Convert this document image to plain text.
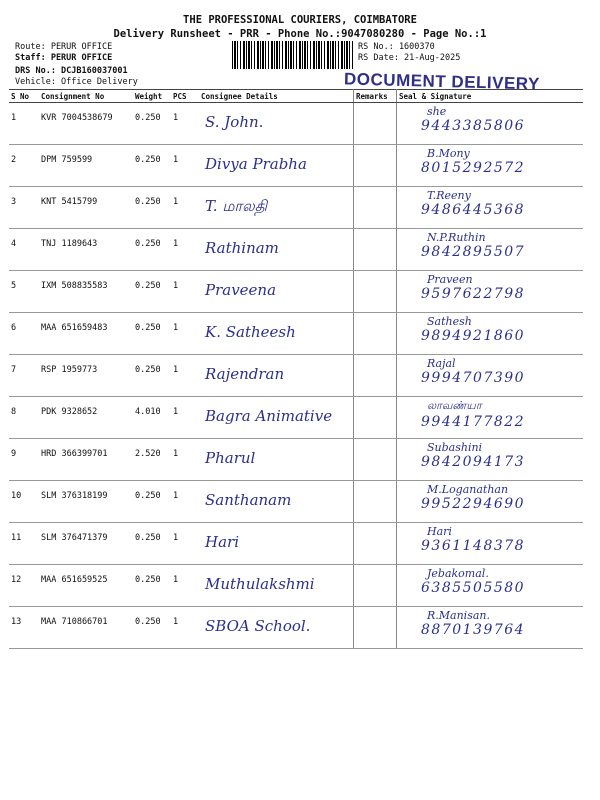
THE PROFESSIONAL COURIERS, COIMBATORE
Delivery Runsheet - PRR - Phone No.:9047080280 - Page No.:1
Route: PERUR OFFICE
Staff: PERUR OFFICE
DRS No.: DCJB160037001
Vehicle: Office Delivery
RS No.: 1600370
RS Date: 21-Aug-2025
DOCUMENT DELIVERY
S No	Consignment No	Weight	PCS	Consignee Details	Remarks	Seal & Signature
1	KVR 7004538679	0.250	1	S. John.		she
9443385806

2	DPM 759599	0.250	1	Divya Prabha		B.Mony
8015292572

3	KNT 5415799	0.250	1	T. மாலதி		T.Reeny
9486445368

4	TNJ 1189643	0.250	1	Rathinam		N.P.Ruthin
9842895507

5	IXM 508835583	0.250	1	Praveena		Praveen
9597622798

6	MAA 651659483	0.250	1	K. Satheesh		Sathesh
9894921860

7	RSP 1959773	0.250	1	Rajendran		Rajal
9994707390

8	PDK 9328652	4.010	1	Bagra Animative		லாவண்யா
9944177822

9	HRD 366399701	2.520	1	Pharul		Subashini
9842094173

10	SLM 376318199	0.250	1	Santhanam		M.Loganathan
9952294690

11	SLM 376471379	0.250	1	Hari		Hari
9361148378

12	MAA 651659525	0.250	1	Muthulakshmi		Jebakomal.
6385505580

13	MAA 710866701	0.250	1	SBOA School.		R.Manisan.
8870139764
